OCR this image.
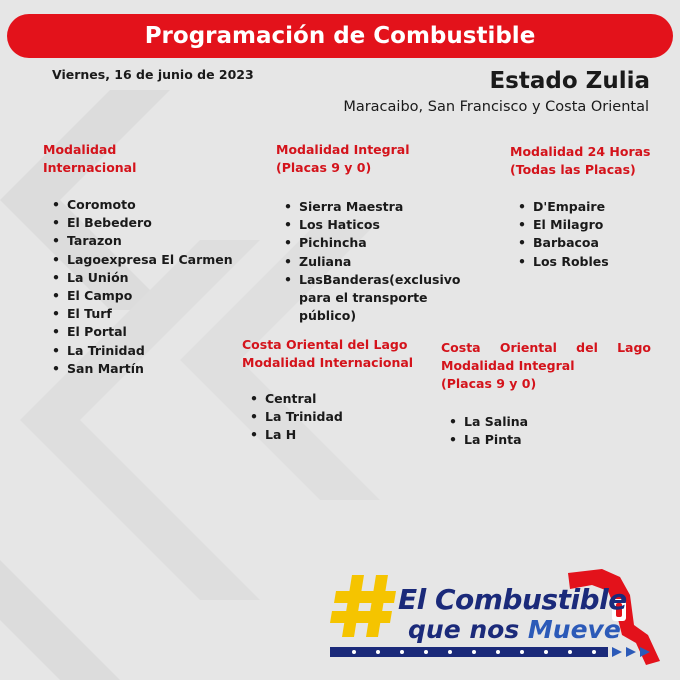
Programación de Combustible
Viernes, 16 de junio de 2023	Estado Zulia
Maracaibo, San Francisco y Costa Oriental
Modalidad
Internacional
• Coromoto
• El Bebedero
• Tarazon
• Lagoexpresa El Carmen
• La Unión
• El Campo
• El Turf
• El Portal
• La Trinidad
• San Martín
Modalidad Integral
(Placas 9 y 0)
• Sierra Maestra
• Los Haticos
• Pichincha
• Zuliana
• Las Banderas (exclusivo
para el transporte público)
Modalidad 24 Horas
(Todas las Placas)
• D'Empaire
• El Milagro
• Barbacoa
• Los Robles
Costa Oriental del Lago
Modalidad Internacional
• Central
• La Trinidad
• La H
Costa Oriental del Lago
Modalidad Integral
(Placas 9 y 0)
• La Salina
• La Pinta
El Combustible
que nos Mueve
